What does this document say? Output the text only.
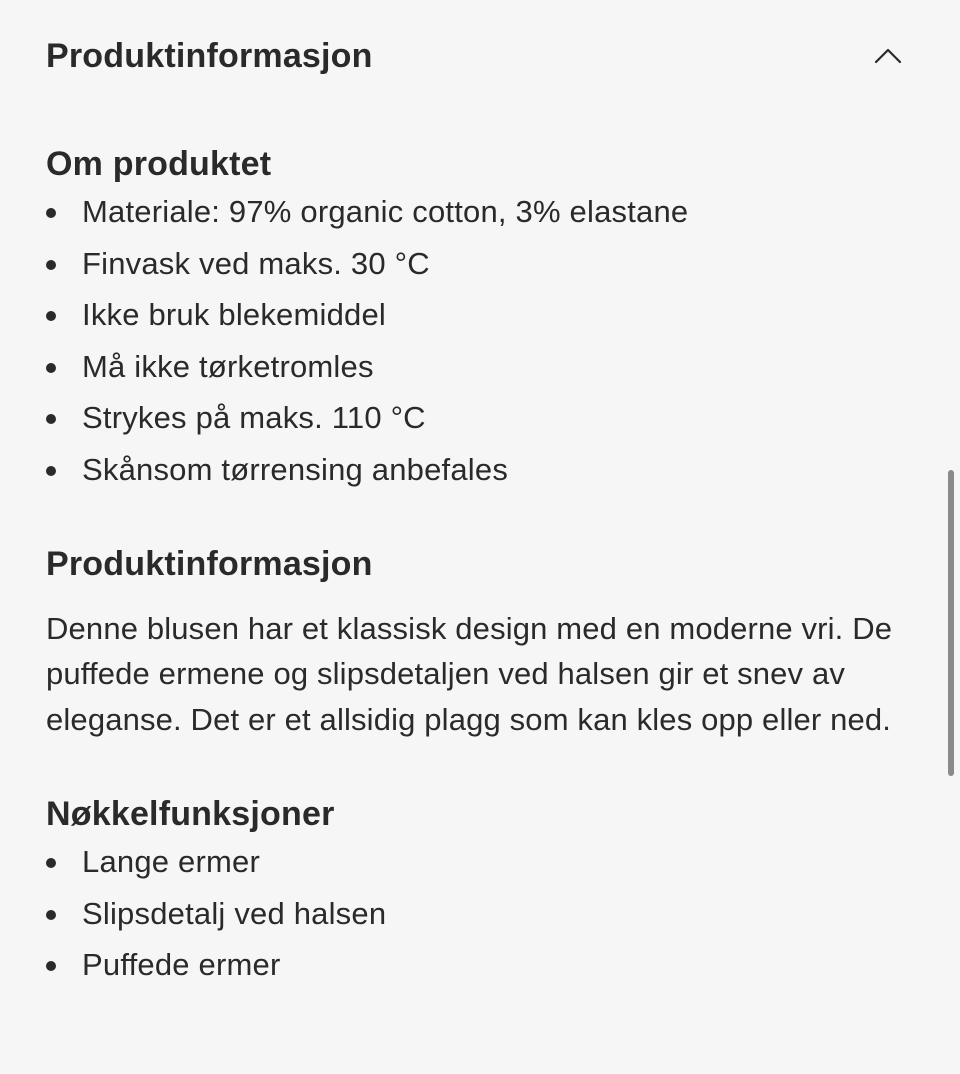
Produktinformasjon
Om produktet
Materiale: 97% organic cotton, 3% elastane
Finvask ved maks. 30 °C
Ikke bruk blekemiddel
Må ikke tørketromles
Strykes på maks. 110 °C
Skånsom tørrensing anbefales
Produktinformasjon

Denne blusen har et klassisk design med en moderne vri. De puffede ermene og slipsdetaljen ved halsen gir et snev av eleganse. Det er et allsidig plagg som kan kles opp eller ned.

Nøkkelfunksjoner
Lange ermer
Slipsdetalj ved halsen
Puffede ermer
